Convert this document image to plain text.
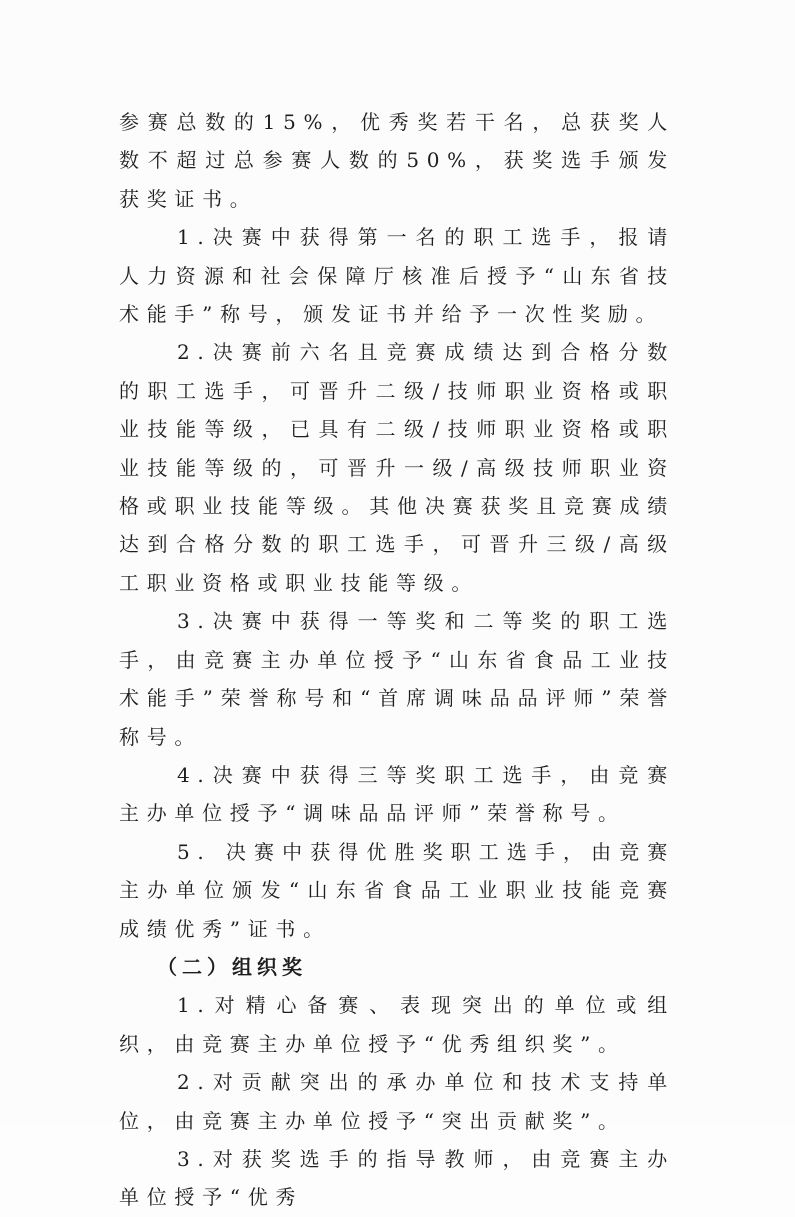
参赛总数的15%，优秀奖若干名，总获奖人数不超过总参赛人数的50%，获奖选手颁发获奖证书。

1.决赛中获得第一名的职工选手，报请人力资源和社会保障厅核准后授予“山东省技术能手”称号，颁发证书并给予一次性奖励。

2.决赛前六名且竞赛成绩达到合格分数的职工选手，可晋升二级/技师职业资格或职业技能等级，已具有二级/技师职业资格或职业技能等级的，可晋升一级/高级技师职业资格或职业技能等级。其他决赛获奖且竞赛成绩达到合格分数的职工选手，可晋升三级/高级工职业资格或职业技能等级。

3.决赛中获得一等奖和二等奖的职工选手，由竞赛主办单位授予“山东省食品工业技术能手”荣誉称号和“首席调味品品评师”荣誉称号。

4.决赛中获得三等奖职工选手，由竞赛主办单位授予“调味品品评师”荣誉称号。

5. 决赛中获得优胜奖职工选手，由竞赛主办单位颁发“山东省食品工业职业技能竞赛成绩优秀”证书。

（二）组织奖

1.对精心备赛、表现突出的单位或组织，由竞赛主办单位授予“优秀组织奖”。

2.对贡献突出的承办单位和技术支持单位，由竞赛主办单位授予“突出贡献奖”。

3.对获奖选手的指导教师，由竞赛主办单位授予“优秀
